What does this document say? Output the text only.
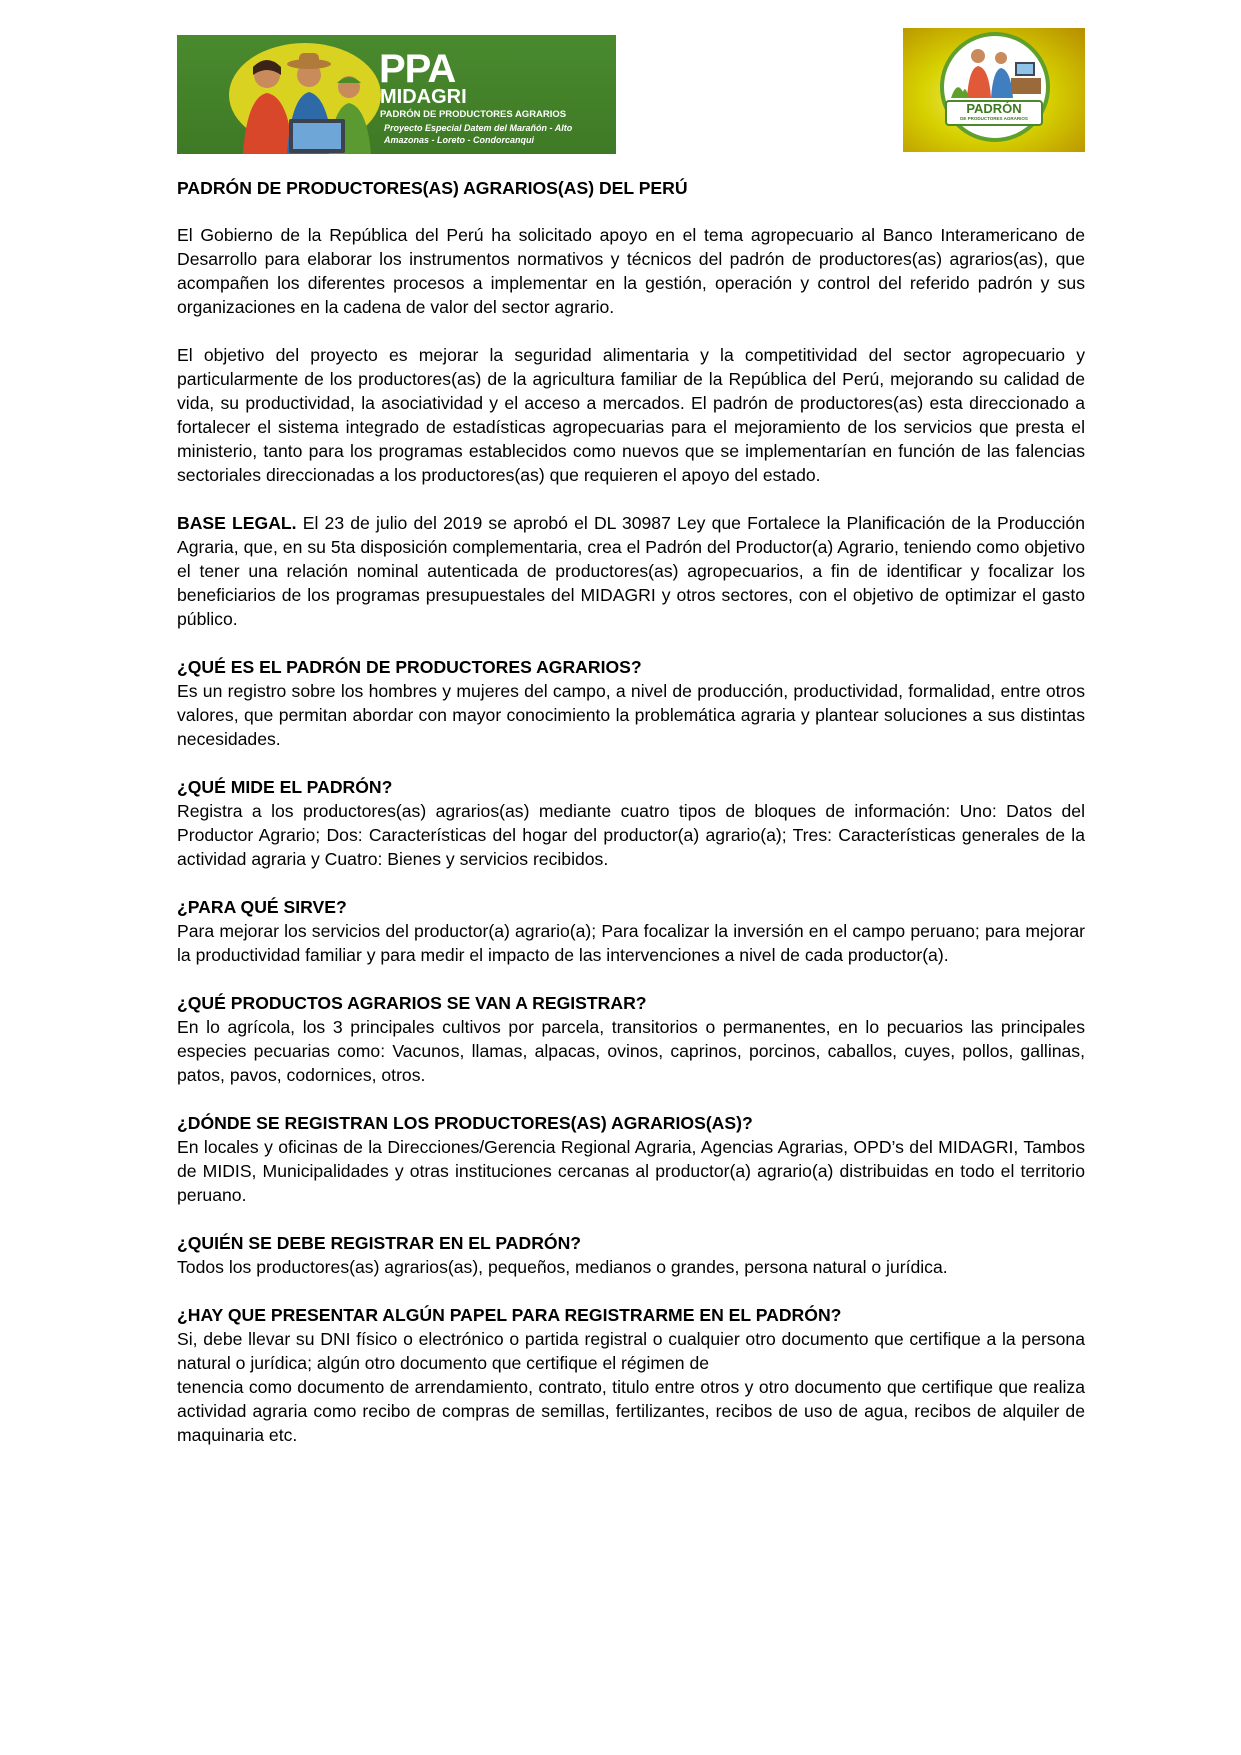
PPA
MIDAGRI
PADRÓN DE PRODUCTORES AGRARIOS
Proyecto Especial Datem del Marañón - Alto Amazonas - Loreto - Condorcanqui
PADRÓN
DE PRODUCTORES AGRARIOS

PADRÓN DE PRODUCTORES(AS) AGRARIOS(AS) DEL PERÚ

El Gobierno de la República del Perú ha solicitado apoyo en el tema agropecuario al Banco Interamericano de Desarrollo para elaborar los instrumentos normativos y técnicos del padrón de productores(as) agrarios(as), que acompañen los diferentes procesos a implementar en la gestión, operación y control del referido padrón y sus organizaciones en la cadena de valor del sector agrario.

El objetivo del proyecto es mejorar la seguridad alimentaria y la competitividad del sector agropecuario y particularmente de los productores(as) de la agricultura familiar de la República del Perú, mejorando su calidad de vida, su productividad, la asociatividad y el acceso a mercados. El padrón de productores(as) esta direccionado a fortalecer el sistema integrado de estadísticas agropecuarias para el mejoramiento de los servicios que presta el ministerio, tanto para los programas establecidos como nuevos que se implementarían en función de las falencias sectoriales direccionadas a los productores(as) que requieren el apoyo del estado.

BASE LEGAL. El 23 de julio del 2019 se aprobó el DL 30987 Ley que Fortalece la Planificación de la Producción Agraria, que, en su 5ta disposición complementaria, crea el Padrón del Productor(a) Agrario, teniendo como objetivo el tener una relación nominal autenticada de productores(as) agropecuarios, a fin de identificar y focalizar los beneficiarios de los programas presupuestales del MIDAGRI y otros sectores, con el objetivo de optimizar el gasto público.

¿QUÉ ES EL PADRÓN DE PRODUCTORES AGRARIOS?

Es un registro sobre los hombres y mujeres del campo, a nivel de producción, productividad, formalidad, entre otros valores, que permitan abordar con mayor conocimiento la problemática agraria y plantear soluciones a sus distintas necesidades.

¿QUÉ MIDE EL PADRÓN?

Registra a los productores(as) agrarios(as) mediante cuatro tipos de bloques de información: Uno: Datos del Productor Agrario; Dos: Características del hogar del productor(a) agrario(a); Tres: Características generales de la actividad agraria y Cuatro: Bienes y servicios recibidos.

¿PARA QUÉ SIRVE?

Para mejorar los servicios del productor(a) agrario(a); Para focalizar la inversión en el campo peruano; para mejorar la productividad familiar y para medir el impacto de las intervenciones a nivel de cada productor(a).

¿QUÉ PRODUCTOS AGRARIOS SE VAN A REGISTRAR?

En lo agrícola, los 3 principales cultivos por parcela, transitorios o permanentes, en lo pecuarios las principales especies pecuarias como: Vacunos, llamas, alpacas, ovinos, caprinos, porcinos, caballos, cuyes, pollos, gallinas, patos, pavos, codornices, otros.

¿DÓNDE SE REGISTRAN LOS PRODUCTORES(AS) AGRARIOS(AS)?

En locales y oficinas de la Direcciones/Gerencia Regional Agraria, Agencias Agrarias, OPD’s del MIDAGRI, Tambos de MIDIS, Municipalidades y otras instituciones cercanas al productor(a) agrario(a) distribuidas en todo el territorio peruano.

¿QUIÉN SE DEBE REGISTRAR EN EL PADRÓN?

Todos los productores(as) agrarios(as), pequeños, medianos o grandes, persona natural o jurídica.

¿HAY QUE PRESENTAR ALGÚN PAPEL PARA REGISTRARME EN EL PADRÓN?

Si, debe llevar su DNI físico o electrónico o partida registral o cualquier otro documento que certifique a la persona natural o jurídica; algún otro documento que certifique el régimen de

tenencia como documento de arrendamiento, contrato, titulo entre otros y otro documento que certifique que realiza actividad agraria como recibo de compras de semillas, fertilizantes, recibos de uso de agua, recibos de alquiler de maquinaria etc.
